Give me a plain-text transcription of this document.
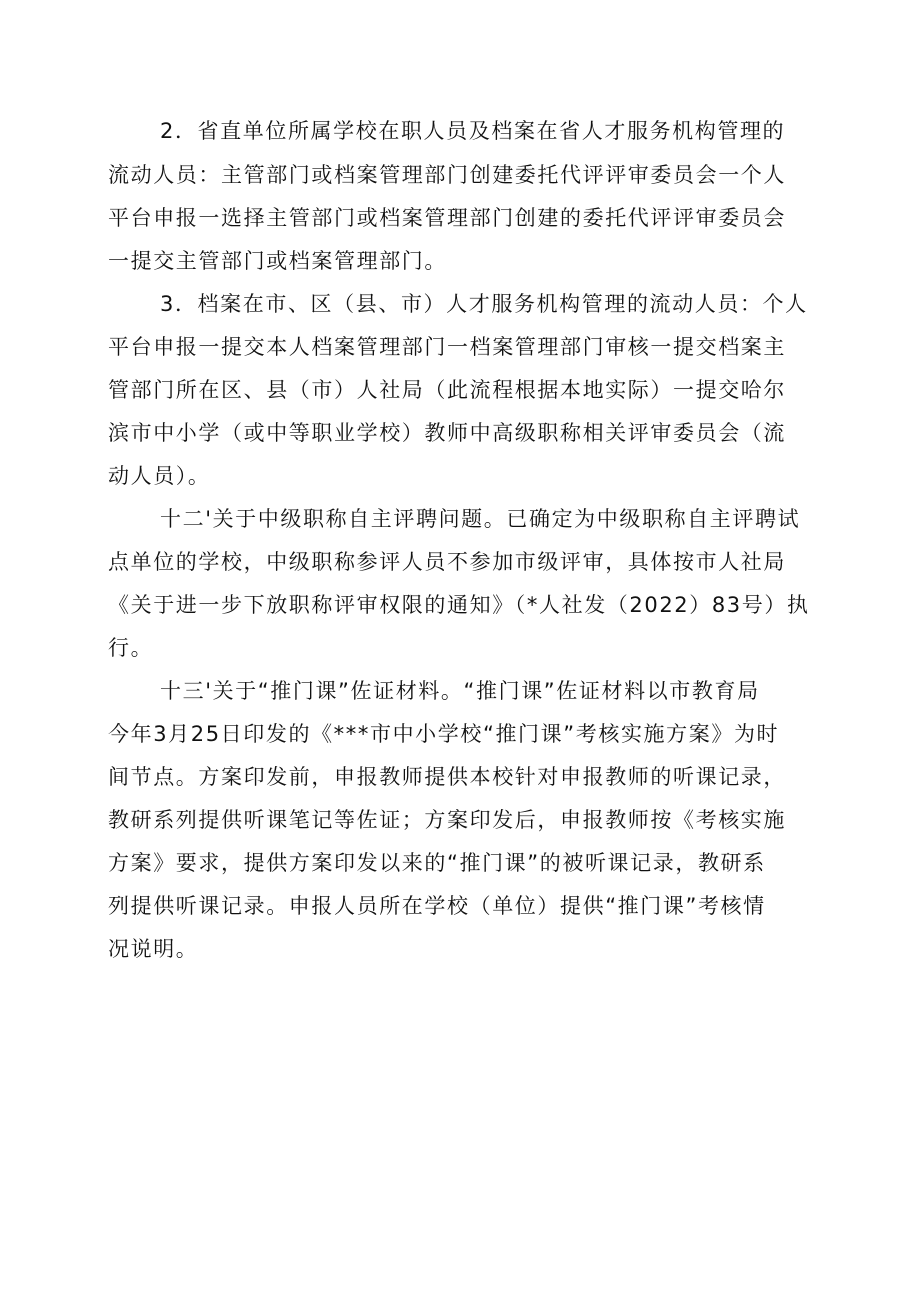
2．省直单位所属学校在职人员及档案在省人才服务机构管理的
流动人员：主管部门或档案管理部门创建委托代评评审委员会一个人
平台申报一选择主管部门或档案管理部门创建的委托代评评审委员会
一提交主管部门或档案管理部门。
3．档案在市、区（县、市）人才服务机构管理的流动人员：个人
平台申报一提交本人档案管理部门一档案管理部门审核一提交档案主
管部门所在区、县（市）人社局（此流程根据本地实际）一提交哈尔
滨市中小学（或中等职业学校）教师中高级职称相关评审委员会（流
动人员）。
十二'关于中级职称自主评聘问题。已确定为中级职称自主评聘试
点单位的学校，中级职称参评人员不参加市级评审，具体按市人社局
《关于进一步下放职称评审权限的通知》（*人社发（2022）83号）执
行。
十三'关于“推门课”佐证材料。“推门课”佐证材料以市教育局
今年3月25日印发的《***市中小学校“推门课”考核实施方案》为时
间节点。方案印发前，申报教师提供本校针对申报教师的听课记录，
教研系列提供听课笔记等佐证；方案印发后，申报教师按《考核实施
方案》要求，提供方案印发以来的“推门课”的被听课记录，教研系
列提供听课记录。申报人员所在学校（单位）提供“推门课”考核情
况说明。
